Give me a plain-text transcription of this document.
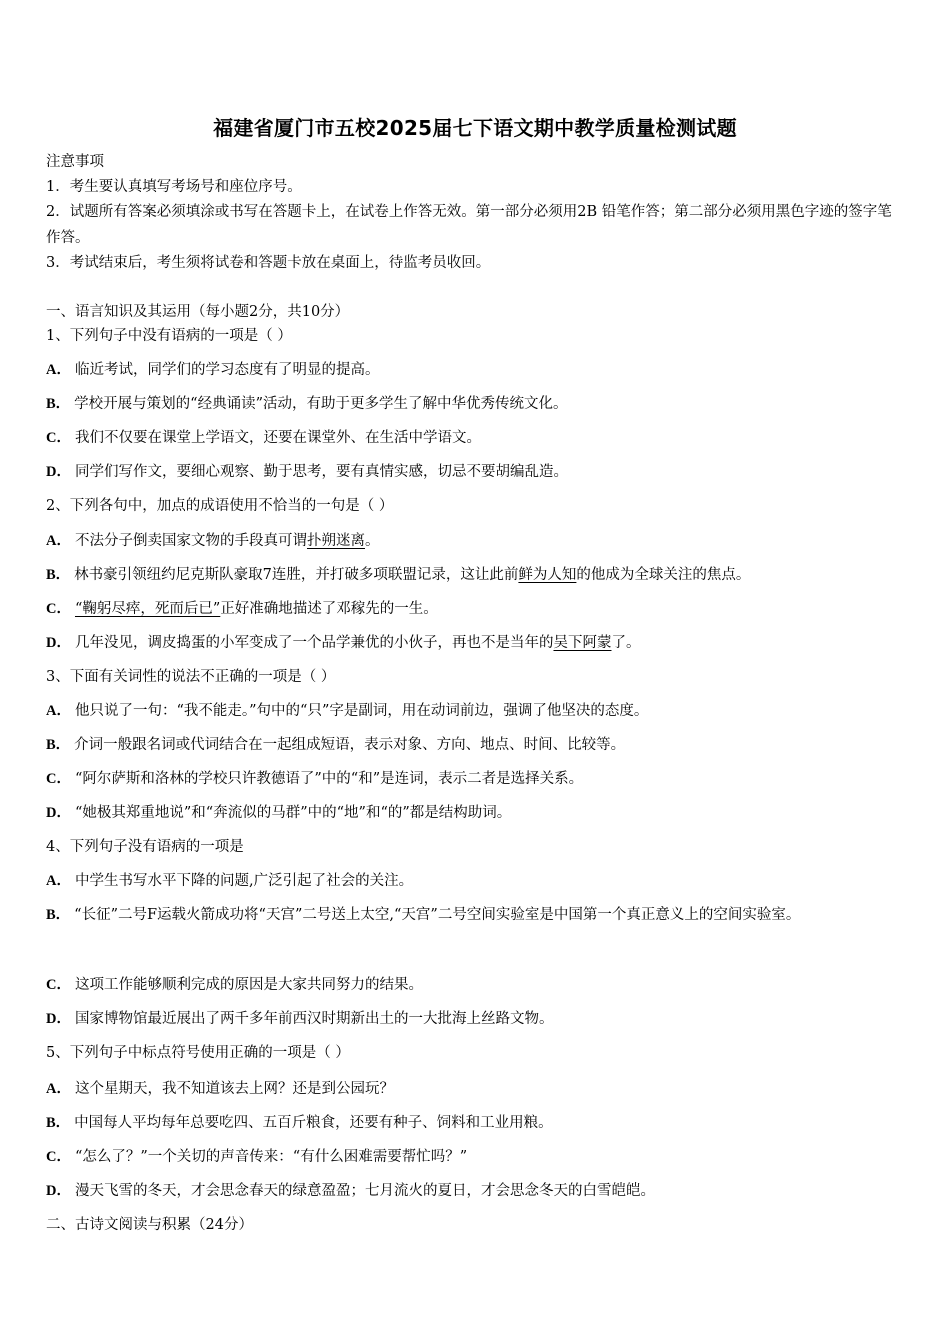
福建省厦门市五校2025届七下语文期中教学质量检测试题
注意事项
1．考生要认真填写考场号和座位序号。
2．试题所有答案必须填涂或书写在答题卡上，在试卷上作答无效。第一部分必须用2B 铅笔作答；第二部分必须用黑色字迹的签字笔作答。
3．考试结束后，考生须将试卷和答题卡放在桌面上，待监考员收回。
一、语言知识及其运用（每小题2分，共10分）
1、下列句子中没有语病的一项是（ ）
A． 临近考试，同学们的学习态度有了明显的提高。
B． 学校开展与策划的“经典诵读”活动，有助于更多学生了解中华优秀传统文化。
C． 我们不仅要在课堂上学语文，还要在课堂外、在生活中学语文。
D． 同学们写作文，要细心观察、勤于思考，要有真情实感，切忌不要胡编乱造。
2、下列各句中，加点的成语使用不恰当的一句是（ ）
A． 不法分子倒卖国家文物的手段真可谓扑朔迷离。
B． 林书豪引领纽约尼克斯队豪取7连胜，并打破多项联盟记录，这让此前鲜为人知的他成为全球关注的焦点。
C． “鞠躬尽瘁，死而后已”正好准确地描述了邓稼先的一生。
D． 几年没见，调皮捣蛋的小军变成了一个品学兼优的小伙子，再也不是当年的吴下阿蒙了。
3、下面有关词性的说法不正确的一项是（ ）
A． 他只说了一句：“我不能走。”句中的“只”字是副词，用在动词前边，强调了他坚决的态度。
B． 介词一般跟名词或代词结合在一起组成短语，表示对象、方向、地点、时间、比较等。
C． “阿尔萨斯和洛林的学校只许教德语了”中的“和”是连词，表示二者是选择关系。
D． “她极其郑重地说”和“奔流似的马群”中的“地”和“的”都是结构助词。
4、下列句子没有语病的一项是
A． 中学生书写水平下降的问题,广泛引起了社会的关注。
B． “长征”二号F运载火箭成功将“天宫”二号送上太空,“天宫”二号空间实验室是中国第一个真正意义上的空间实验室。
C． 这项工作能够顺利完成的原因是大家共同努力的结果。
D． 国家博物馆最近展出了两千多年前西汉时期新出土的一大批海上丝路文物。
5、下列句子中标点符号使用正确的一项是（ ）
A． 这个星期天，我不知道该去上网？还是到公园玩？
B． 中国每人平均每年总要吃四、五百斤粮食，还要有种子、饲料和工业用粮。
C． “怎么了？”一个关切的声音传来：“有什么困难需要帮忙吗？”
D． 漫天飞雪的冬天，才会思念春天的绿意盈盈；七月流火的夏日，才会思念冬天的白雪皑皑。
二、古诗文阅读与积累（24分）
